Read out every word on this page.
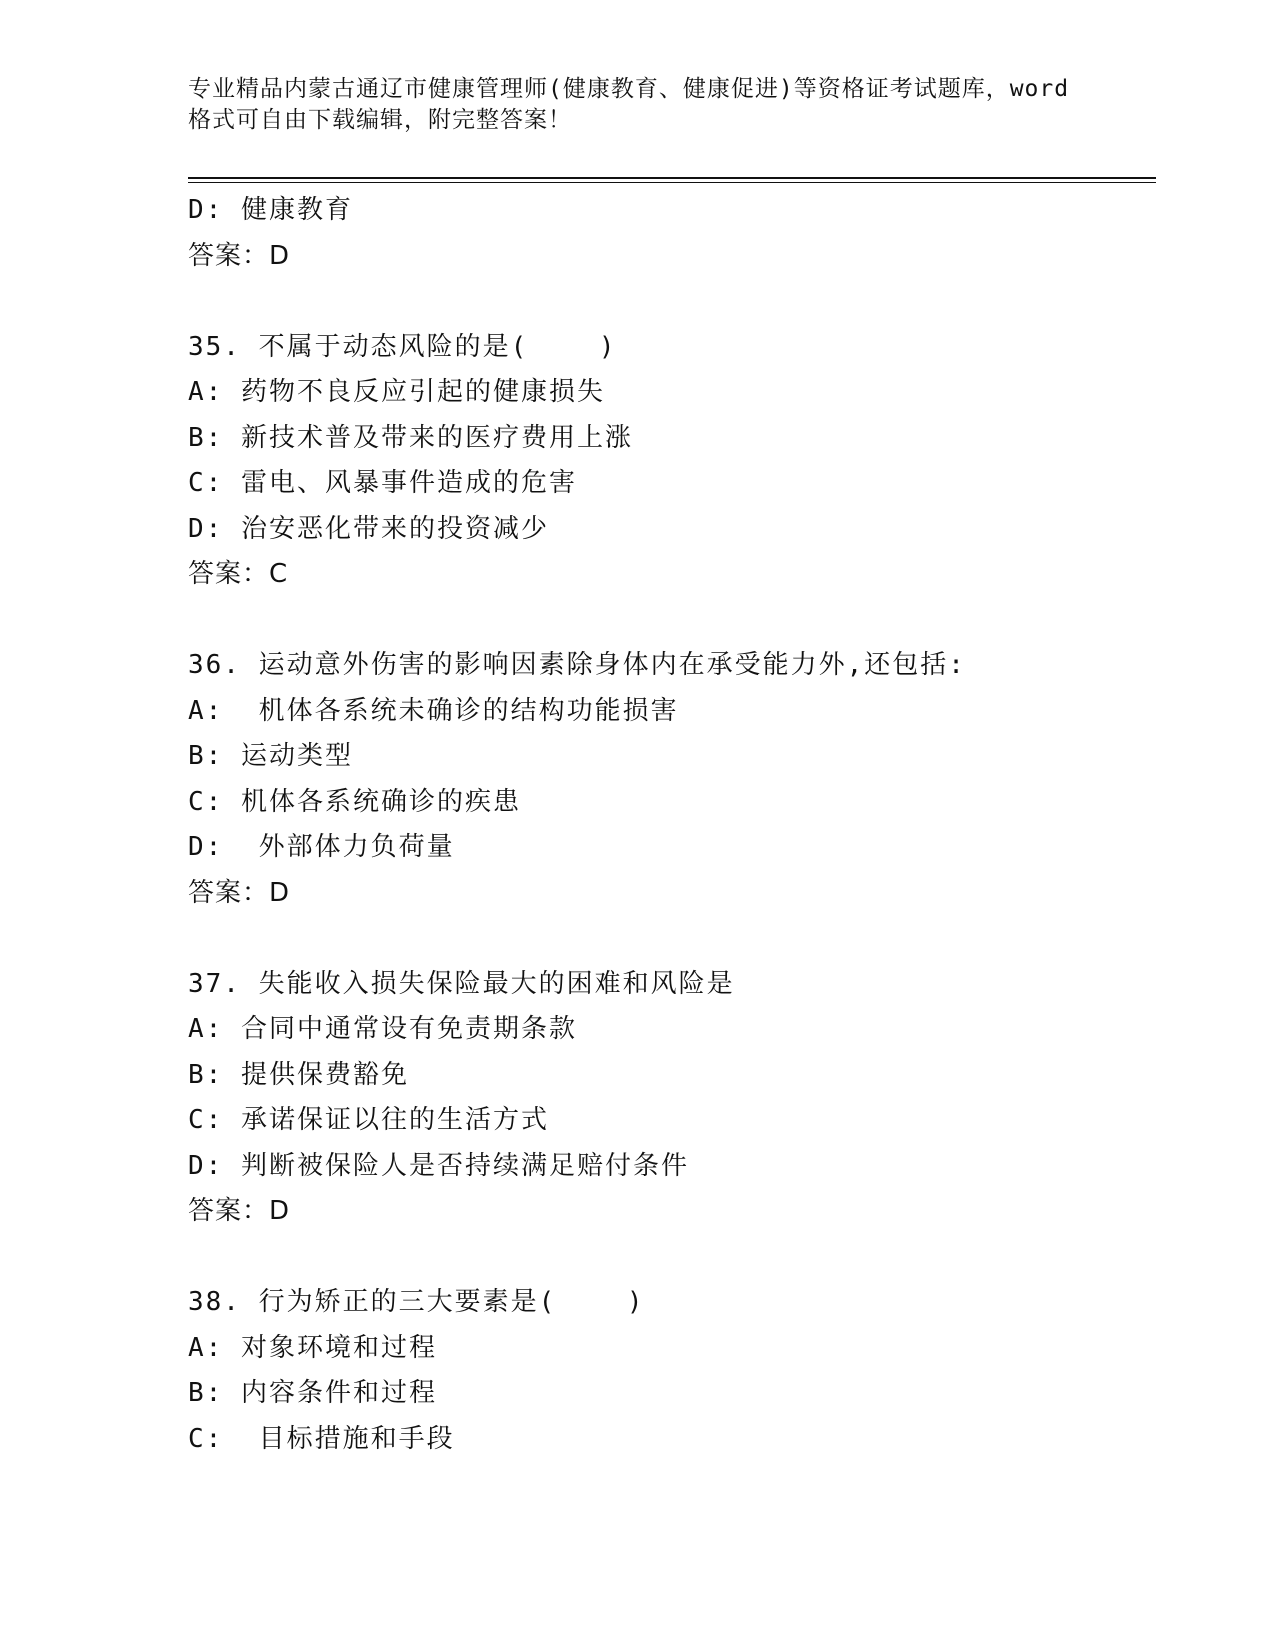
专业精品内蒙古通辽市健康管理师(健康教育、健康促进)等资格证考试题库，word
格式可自由下载编辑，附完整答案！
D: 健康教育
答案：D
35. 不属于动态风险的是(    )
A: 药物不良反应引起的健康损失
B: 新技术普及带来的医疗费用上涨
C: 雷电、风暴事件造成的危害
D: 治安恶化带来的投资减少
答案：C
36. 运动意外伤害的影响因素除身体内在承受能力外,还包括:
A:  机体各系统未确诊的结构功能损害
B: 运动类型
C: 机体各系统确诊的疾患
D:  外部体力负荷量
答案：D
37. 失能收入损失保险最大的困难和风险是
A: 合同中通常设有免责期条款
B: 提供保费豁免
C: 承诺保证以往的生活方式
D: 判断被保险人是否持续满足赔付条件
答案：D
38. 行为矫正的三大要素是(    )
A: 对象环境和过程
B: 内容条件和过程
C:  目标措施和手段
